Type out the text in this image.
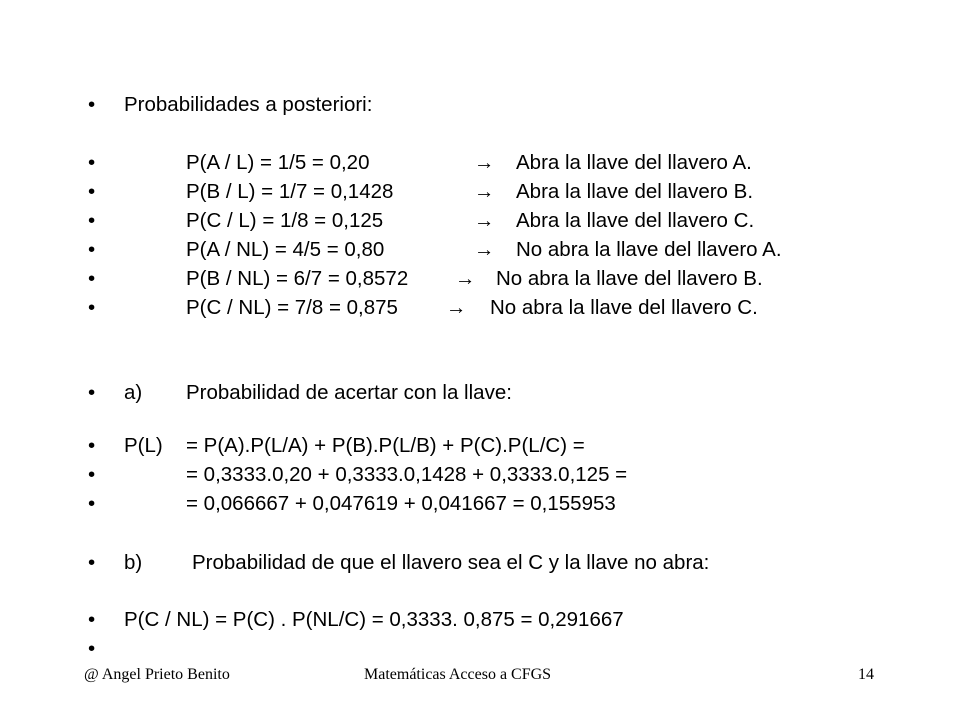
• Probabilidades a posteriori:
•	P(A / L) = 1/5 = 0,20	→ Abra la llave del llavero A.
•	P(B / L) = 1/7 = 0,1428	→ Abra la llave del llavero B.
•	P(C / L) = 1/8 = 0,125	→ Abra la llave del llavero C.
•	P(A / NL) = 4/5 = 0,80	→ No abra la llave del llavero A.
•	P(B / NL) = 6/7 = 0,8572 → No abra la llave del llavero B.
•	P(C / NL) = 7/8 = 0,875 → No abra la llave del llavero C.
• a) Probabilidad de acertar con la llave:
• P(L) = P(A).P(L/A) + P(B).P(L/B) + P(C).P(L/C) =
•	= 0,3333.0,20 + 0,3333.0,1428 + 0,3333.0,125 =
•	= 0,066667 + 0,047619 + 0,041667 = 0,155953
• b) Probabilidad de que el llavero sea el C y la llave no abra:
• P(C / NL) = P(C) . P(NL/C) = 0,3333. 0,875 = 0,291667
•
@ Angel Prieto Benito	Matemáticas Acceso a CFGS	14
